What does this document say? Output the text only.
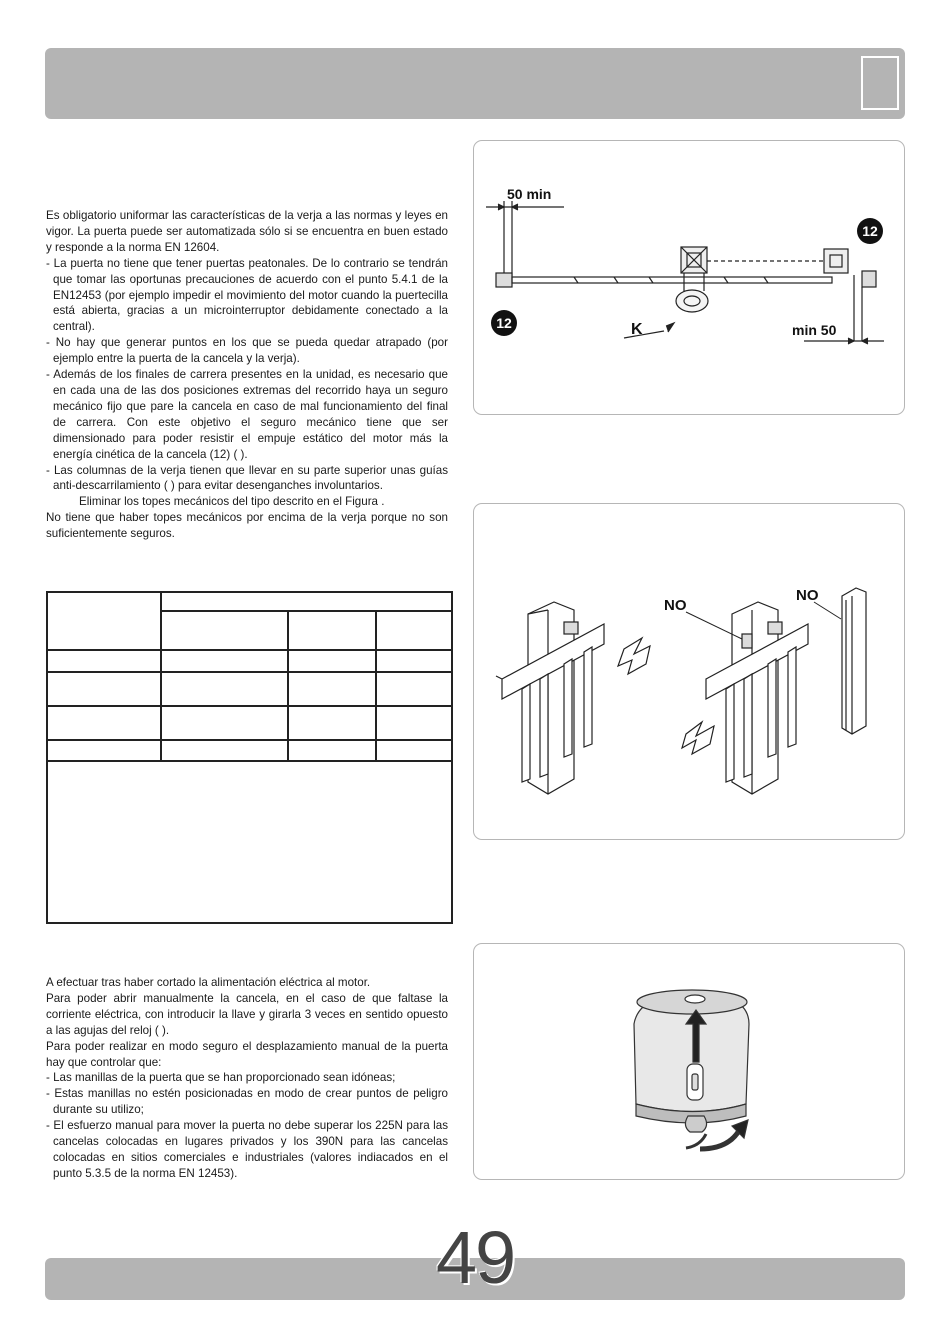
Es obligatorio uniformar las características de la verja a las normas y leyes en vigor. La puerta puede ser automatizada sólo si se encuentra en buen estado y responde a la norma EN 12604.

- La puerta no tiene que tener puertas peatonales. De lo contrario se tendrán que tomar las oportunas precauciones de acuerdo con el punto 5.4.1 de la EN12453 (por ejemplo impedir el movimiento del motor cuando la puertecilla está abierta, gracias a un microinterruptor debidamente conectado a la central).

- No hay que generar puntos en los que se pueda quedar atrapado (por ejemplo entre la puerta de la cancela y la verja).

- Además de los finales de carrera presentes en la unidad, es necesario que en cada una de las dos posiciones extremas del recorrido haya un seguro mecánico fijo que pare la cancela en caso de mal funcionamiento del final de carrera. Con este objetivo el seguro mecánico tiene que ser dimensionado para poder resistir el empuje estático del motor más la energía cinética de la cancela (12) ( ).

- Las columnas de la verja tienen que llevar en su parte superior unas guías anti-descarrilamiento ( ) para evitar desenganches involuntarios.

Eliminar los topes mecánicos del tipo descrito en el Figura .

No tiene que haber topes mecánicos por encima de la verja porque no son suficientemente seguros.

A efectuar tras haber cortado la alimentación eléctrica al motor.

Para poder abrir manualmente la cancela, en el caso de que faltase la corriente eléctrica, con introducir la llave y girarla 3 veces en sentido opuesto a las agujas del reloj ( ).

Para poder realizar en modo seguro el desplazamiento manual de la puerta hay que controlar que:

- Las manillas de la puerta que se han proporcionado sean idóneas;

- Estas manillas no estén posicionadas en modo de crear puntos de peligro durante su utilizo;

- El esfuerzo manual para mover la puerta no debe superar los 225N para las cancelas colocadas en lugares privados y los 390N para las cancelas colocadas en sitios comerciales e industriales (valores indiacados en el punto 5.3.5 de la norma EN 12453).

50 min
min 50
K
12
12
NO
NO
49
